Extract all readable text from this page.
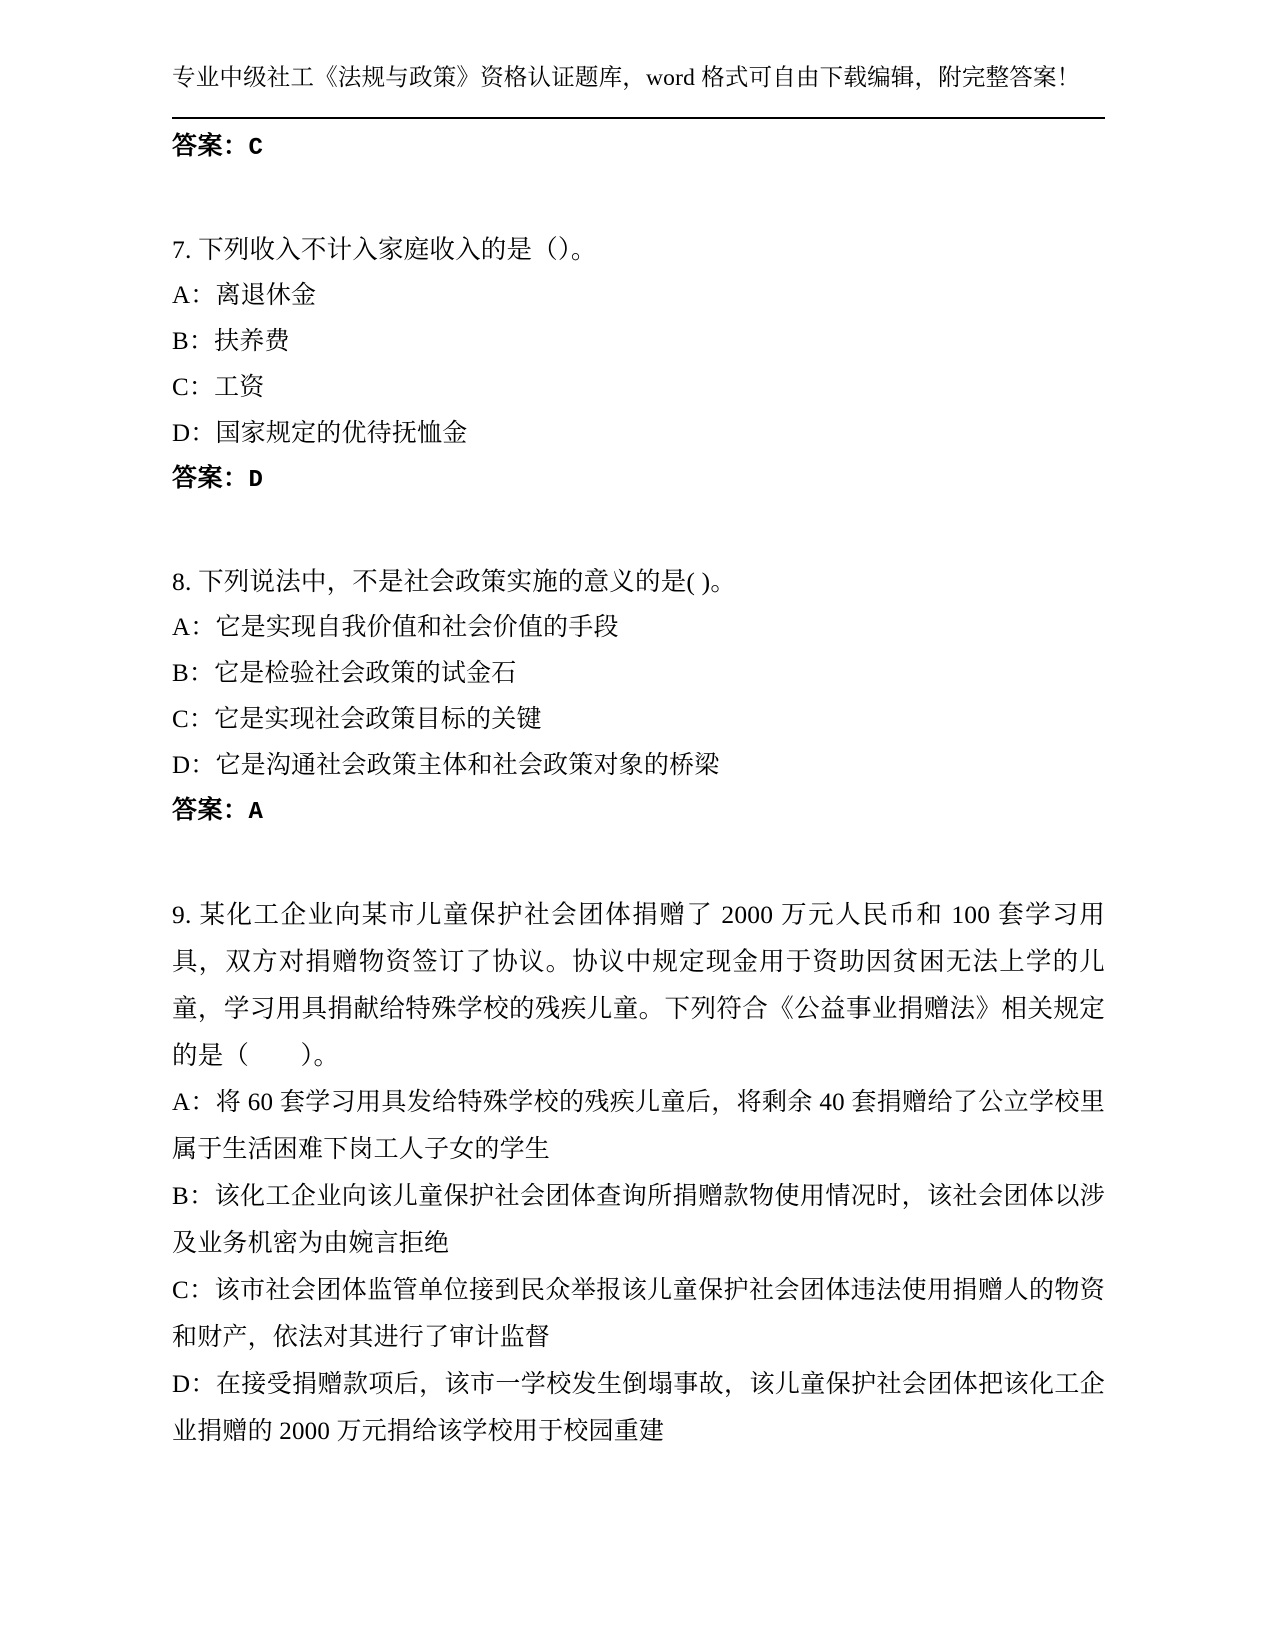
专业中级社工《法规与政策》资格认证题库，word 格式可自由下载编辑，附完整答案！

答案：C

7. 下列收入不计入家庭收入的是（）。

A：离退休金

B：扶养费

C：工资

D：国家规定的优待抚恤金

答案：D

8. 下列说法中，不是社会政策实施的意义的是( )。

A：它是实现自我价值和社会价值的手段

B：它是检验社会政策的试金石

C：它是实现社会政策目标的关键

D：它是沟通社会政策主体和社会政策对象的桥梁

答案：A

9. 某化工企业向某市儿童保护社会团体捐赠了 2000 万元人民币和 100 套学习用具，双方对捐赠物资签订了协议。协议中规定现金用于资助因贫困无法上学的儿童，学习用具捐献给特殊学校的残疾儿童。下列符合《公益事业捐赠法》相关规定的是（　　）。

A：将 60 套学习用具发给特殊学校的残疾儿童后，将剩余 40 套捐赠给了公立学校里属于生活困难下岗工人子女的学生

B：该化工企业向该儿童保护社会团体查询所捐赠款物使用情况时，该社会团体以涉及业务机密为由婉言拒绝

C：该市社会团体监管单位接到民众举报该儿童保护社会团体违法使用捐赠人的物资和财产，依法对其进行了审计监督

D：在接受捐赠款项后，该市一学校发生倒塌事故，该儿童保护社会团体把该化工企业捐赠的 2000 万元捐给该学校用于校园重建
